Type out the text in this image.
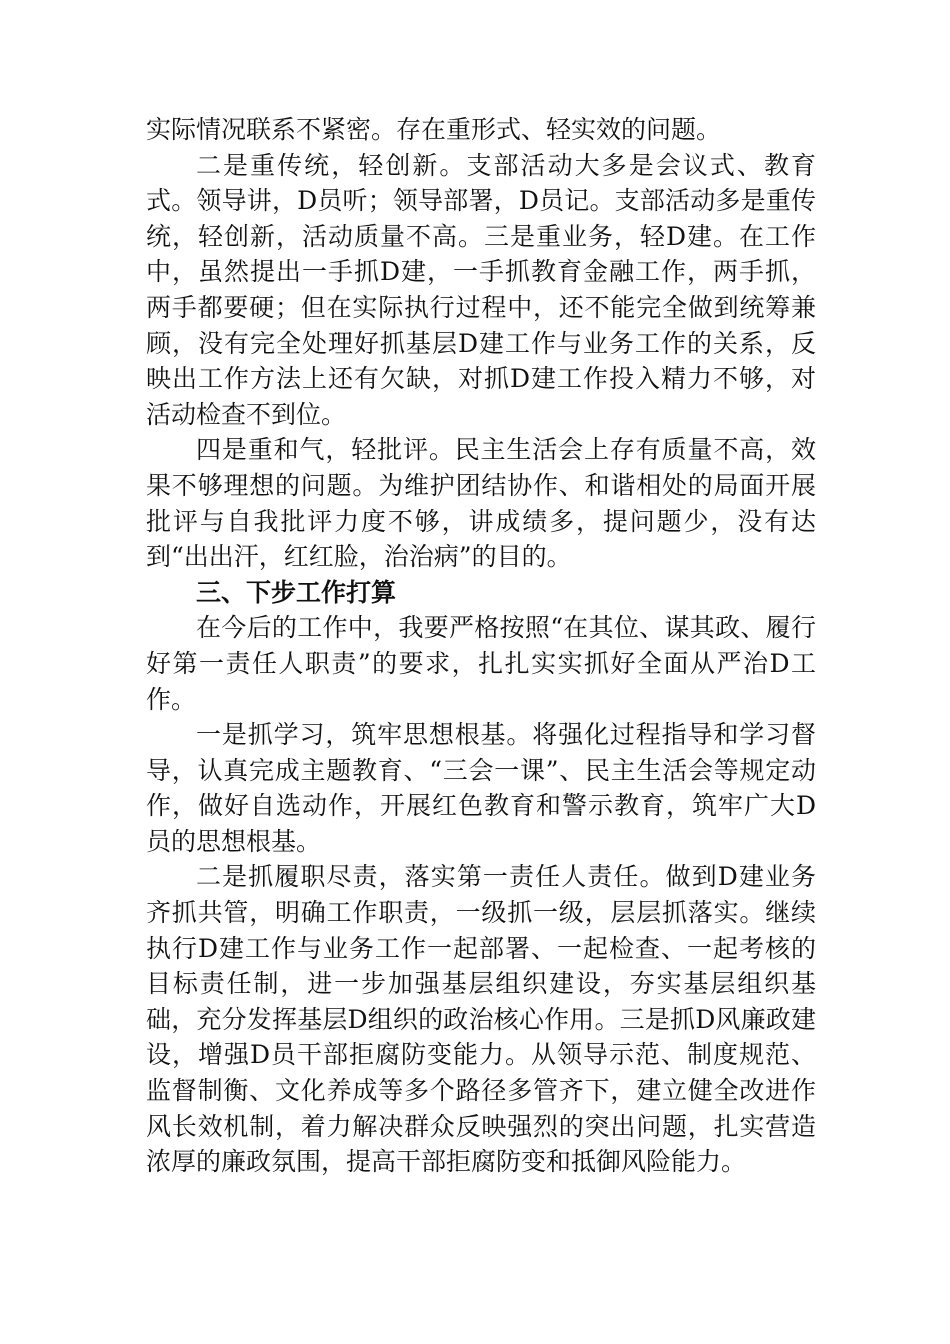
实际情况联系不紧密。存在重形式、轻实效的问题。

二是重传统，轻创新。支部活动大多是会议式、教育式。领导讲，D员听；领导部署，D员记。支部活动多是重传统，轻创新，活动质量不高。三是重业务，轻D建。在工作中，虽然提出一手抓D建，一手抓教育金融工作，两手抓，两手都要硬；但在实际执行过程中，还不能完全做到统筹兼顾，没有完全处理好抓基层D建工作与业务工作的关系，反映出工作方法上还有欠缺，对抓D建工作投入精力不够，对活动检查不到位。

四是重和气，轻批评。民主生活会上存有质量不高，效果不够理想的问题。为维护团结协作、和谐相处的局面开展批评与自我批评力度不够，讲成绩多，提问题少，没有达到“出出汗，红红脸，治治病”的目的。

三、下步工作打算

在今后的工作中，我要严格按照“在其位、谋其政、履行好第一责任人职责”的要求，扎扎实实抓好全面从严治D工作。

一是抓学习，筑牢思想根基。将强化过程指导和学习督导，认真完成主题教育、“三会一课”、民主生活会等规定动作，做好自选动作，开展红色教育和警示教育，筑牢广大D员的思想根基。

二是抓履职尽责，落实第一责任人责任。做到D建业务齐抓共管，明确工作职责，一级抓一级，层层抓落实。继续执行D建工作与业务工作一起部署、一起检查、一起考核的目标责任制，进一步加强基层组织建设，夯实基层组织基础，充分发挥基层D组织的政治核心作用。三是抓D风廉政建设，增强D员干部拒腐防变能力。从领导示范、制度规范、监督制衡、文化养成等多个路径多管齐下，建立健全改进作风长效机制，着力解决群众反映强烈的突出问题，扎实营造浓厚的廉政氛围，提高干部拒腐防变和抵御风险能力。
